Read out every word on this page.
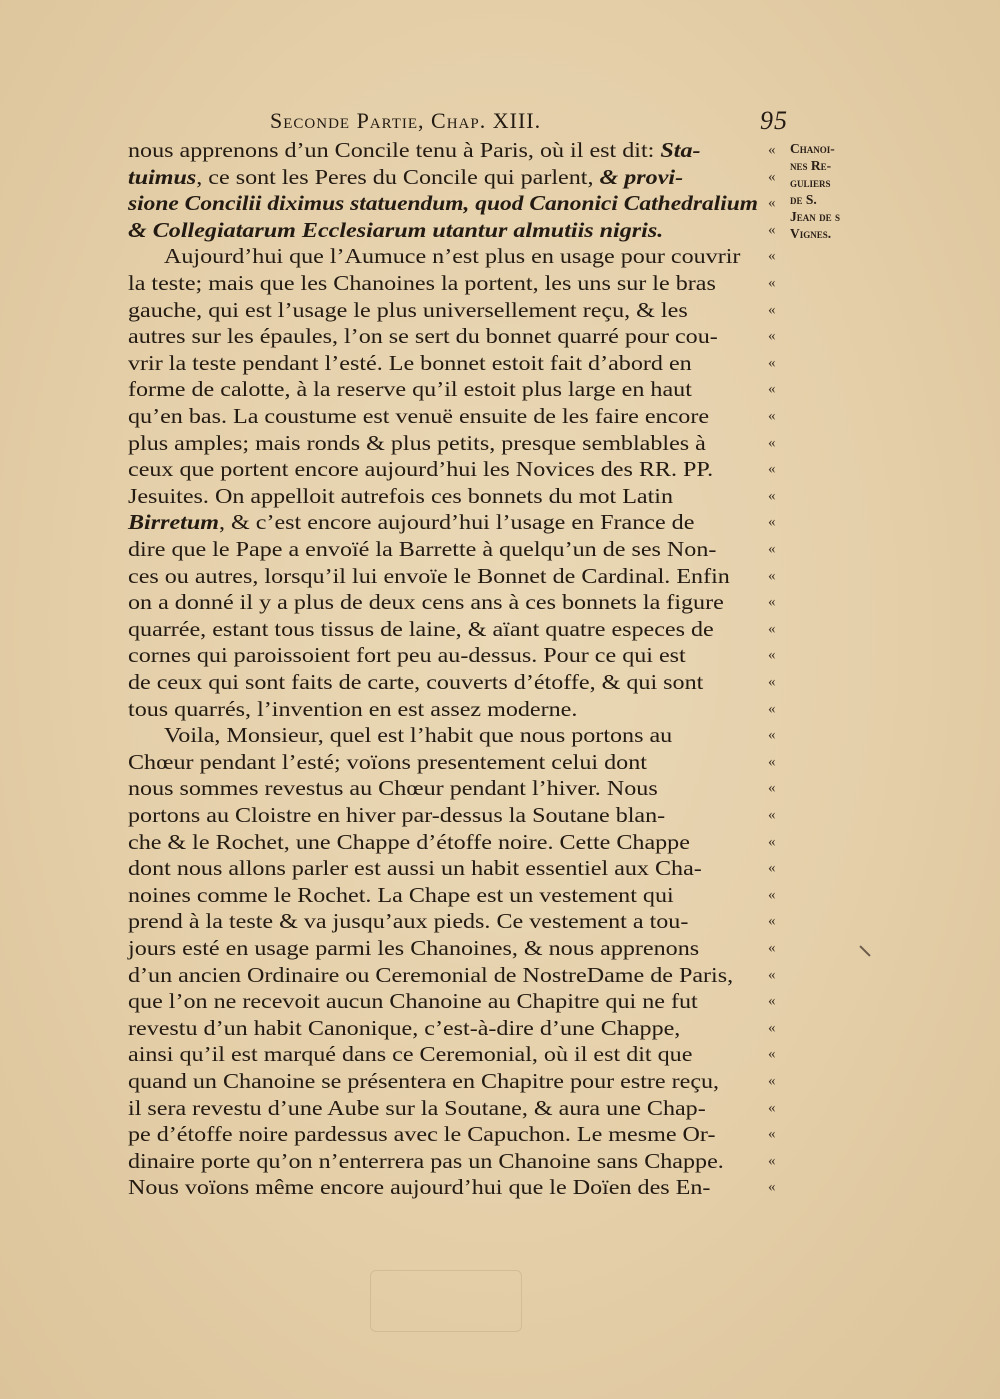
Seconde Partie, Chap. XIII.	95
Chanoi-
nes Re-
guliers
de S.
Jean de s
Vignes.
nous apprenons d’un Concile tenu à Paris, où il est dit: Sta-
tuimus, ce sont les Peres du Concile qui parlent, & provi-
sione Concilii diximus statuendum, quod Canonici Cathedralium
& Collegiatarum Ecclesiarum utantur almutiis nigris.
Aujourd’hui que l’Aumuce n’est plus en usage pour couvrir
la teste; mais que les Chanoines la portent, les uns sur le bras
gauche, qui est l’usage le plus universellement reçu, & les
autres sur les épaules, l’on se sert du bonnet quarré pour cou-
vrir la teste pendant l’esté. Le bonnet estoit fait d’abord en
forme de calotte, à la reserve qu’il estoit plus large en haut
qu’en bas. La coustume est venuë ensuite de les faire encore
plus amples; mais ronds & plus petits, presque semblables à
ceux que portent encore aujourd’hui les Novices des RR. PP.
Jesuites. On appelloit autrefois ces bonnets du mot Latin
Birretum, & c’est encore aujourd’hui l’usage en France de
dire que le Pape a envoïé la Barrette à quelqu’un de ses Non-
ces ou autres, lorsqu’il lui envoïe le Bonnet de Cardinal. Enfin
on a donné il y a plus de deux cens ans à ces bonnets la figure
quarrée, estant tous tissus de laine, & aïant quatre especes de
cornes qui paroissoient fort peu au-dessus. Pour ce qui est
de ceux qui sont faits de carte, couverts d’étoffe, & qui sont
tous quarrés, l’invention en est assez moderne.
Voila, Monsieur, quel est l’habit que nous portons au
Chœur pendant l’esté; voïons presentement celui dont
nous sommes revestus au Chœur pendant l’hiver. Nous
portons au Cloistre en hiver par-dessus la Soutane blan-
che & le Rochet, une Chappe d’étoffe noire. Cette Chappe
dont nous allons parler est aussi un habit essentiel aux Cha-
noines comme le Rochet. La Chape est un vestement qui
prend à la teste & va jusqu’aux pieds. Ce vestement a tou-
jours esté en usage parmi les Chanoines, & nous apprenons
d’un ancien Ordinaire ou Ceremonial de NostreDame de Paris,
que l’on ne recevoit aucun Chanoine au Chapitre qui ne fut
revestu d’un habit Canonique, c’est-à-dire d’une Chappe,
ainsi qu’il est marqué dans ce Ceremonial, où il est dit que
quand un Chanoine se présentera en Chapitre pour estre reçu,
il sera revestu d’une Aube sur la Soutane, & aura une Chap-
pe d’étoffe noire pardessus avec le Capuchon. Le mesme Or-
dinaire porte qu’on n’enterrera pas un Chanoine sans Chappe.
Nous voïons même encore aujourd’hui que le Doïen des En-
«
«
«
«
«
«
«
«
«
«
«
«
«
«
«
«
«
«
«
«
«
«
«
«
«
«
«
«
«
«
«
«
«
«
«
«
«
«
«
«
